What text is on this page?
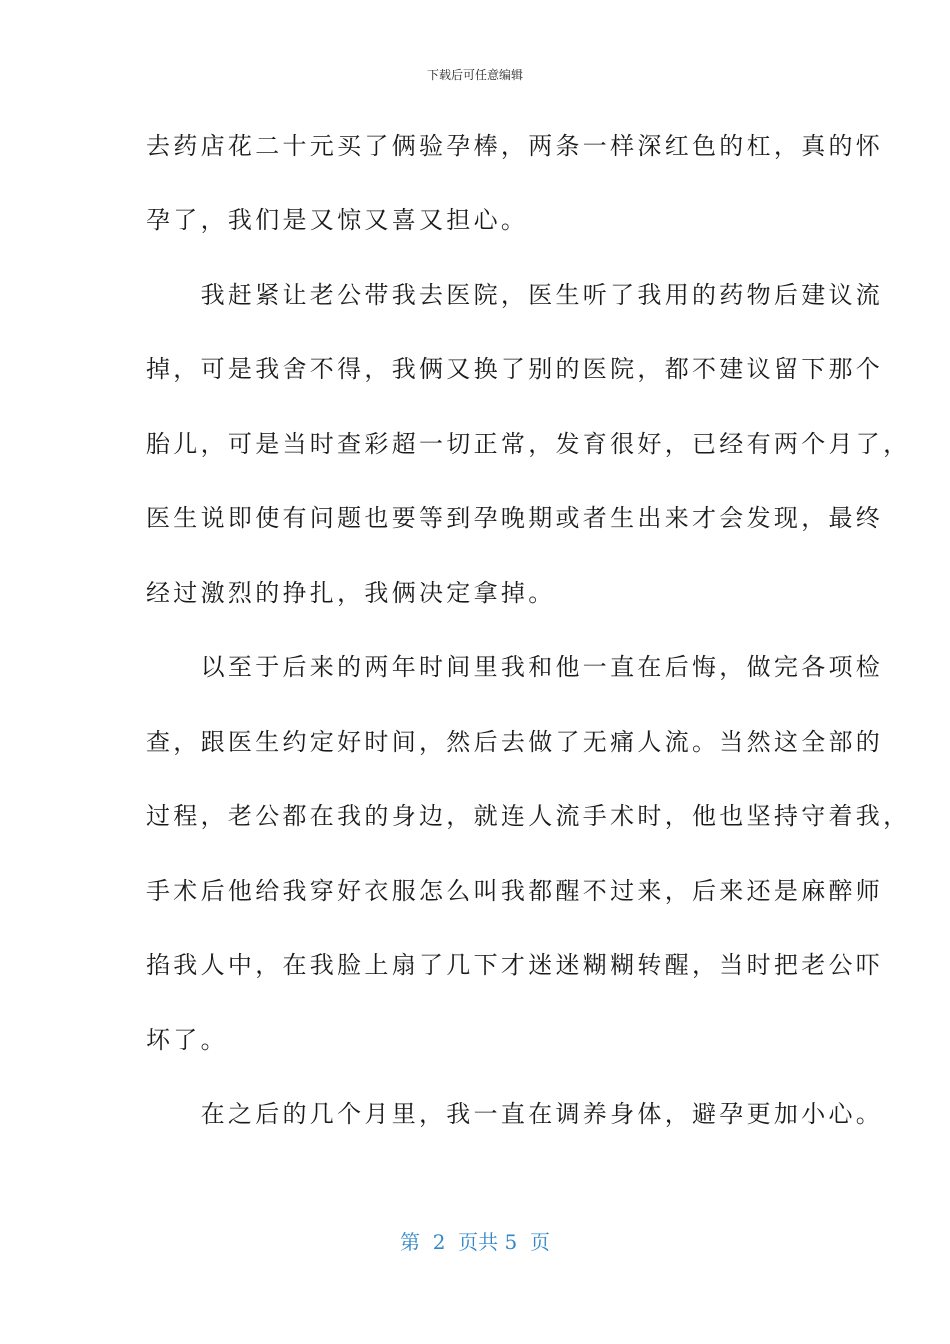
下载后可任意编辑
去药店花二十元买了俩验孕棒，两条一样深红色的杠，真的怀
孕了，我们是又惊又喜又担心。
　　我赶紧让老公带我去医院，医生听了我用的药物后建议流
掉，可是我舍不得，我俩又换了别的医院，都不建议留下那个
胎儿，可是当时查彩超一切正常，发育很好，已经有两个月了，
医生说即使有问题也要等到孕晚期或者生出来才会发现，最终
经过激烈的挣扎，我俩决定拿掉。
　　以至于后来的两年时间里我和他一直在后悔，做完各项检
查，跟医生约定好时间，然后去做了无痛人流。当然这全部的
过程，老公都在我的身边，就连人流手术时，他也坚持守着我，
手术后他给我穿好衣服怎么叫我都醒不过来，后来还是麻醉师
掐我人中，在我脸上扇了几下才迷迷糊糊转醒，当时把老公吓
坏了。
　　在之后的几个月里，我一直在调养身体，避孕更加小心。
第  2  页共 5  页
